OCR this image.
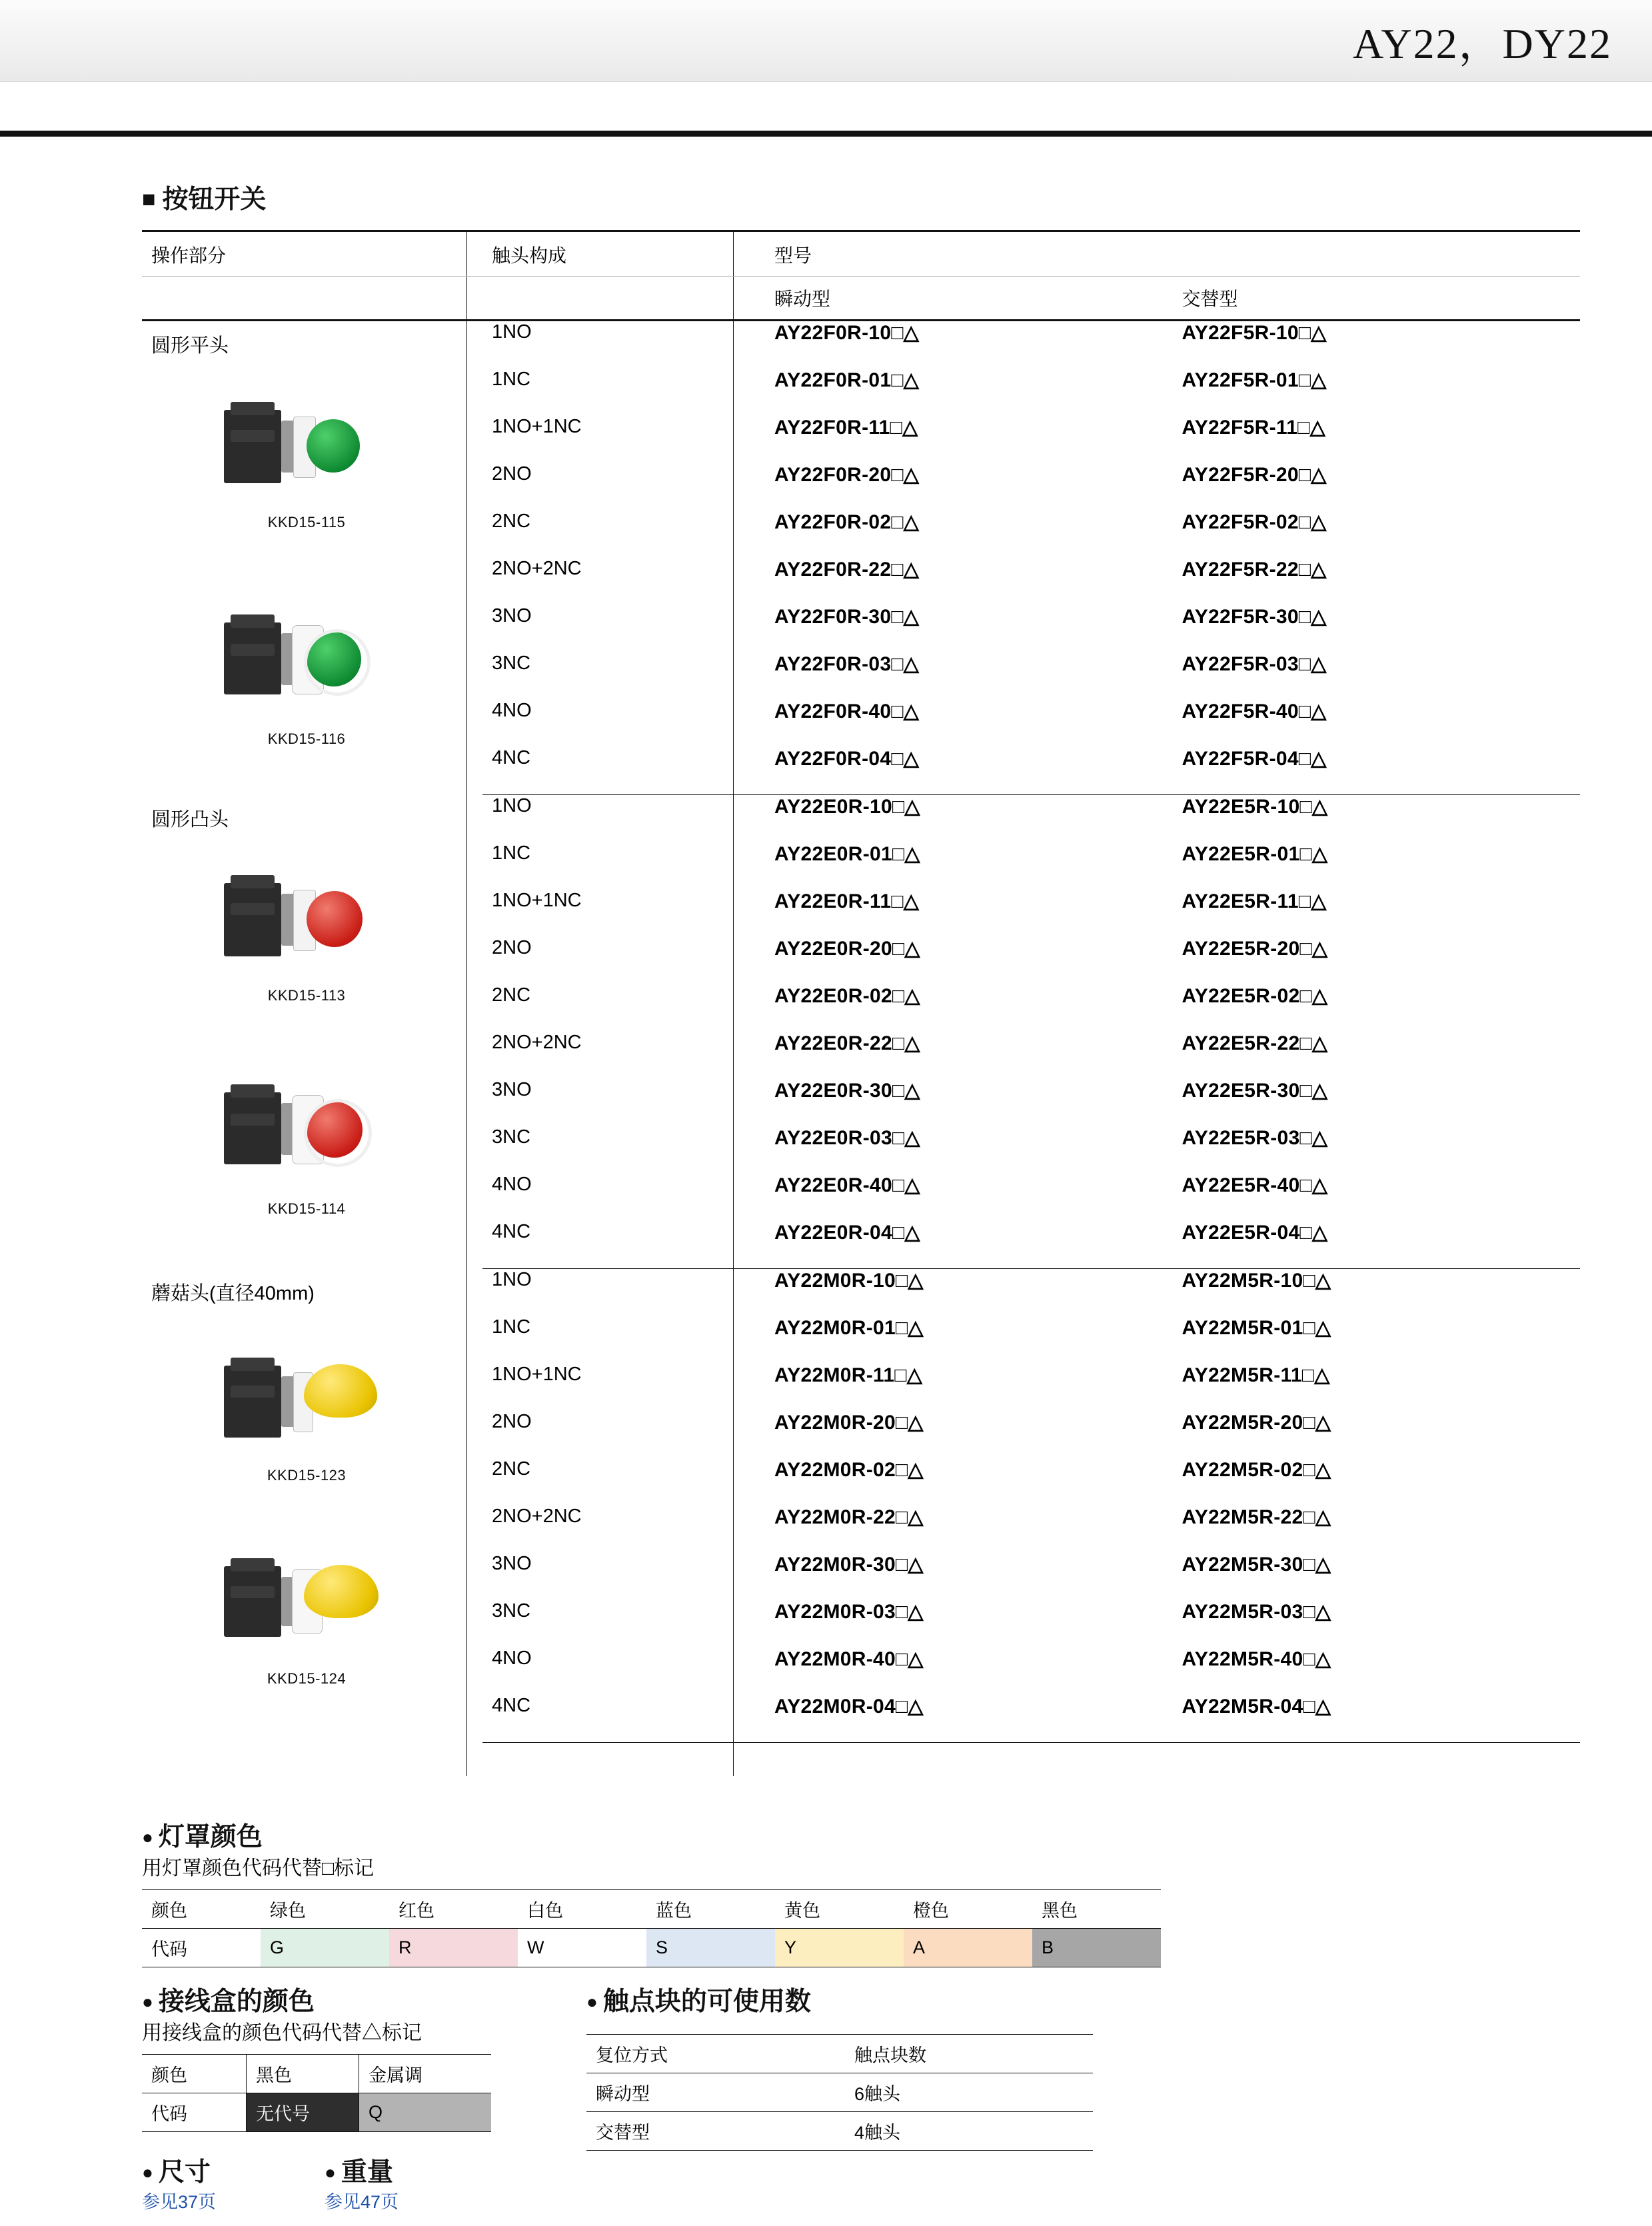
AY22，DY22
■ 按钮开关
操作部分	触头构成	型号	
		瞬动型	交替型
圆形平头	1NO	AY22F0R-10□△	AY22F5R-10□△
	1NC	AY22F0R-01□△	AY22F5R-01□△
	1NO+1NC	AY22F0R-11□△	AY22F5R-11□△
	2NO	AY22F0R-20□△	AY22F5R-20□△
	2NC	AY22F0R-02□△	AY22F5R-02□△
	2NO+2NC	AY22F0R-22□△	AY22F5R-22□△
	3NO	AY22F0R-30□△	AY22F5R-30□△
	3NC	AY22F0R-03□△	AY22F5R-03□△
	4NO	AY22F0R-40□△	AY22F5R-40□△
	4NC	AY22F0R-04□△	AY22F5R-04□△
圆形凸头	1NO	AY22E0R-10□△	AY22E5R-10□△
	1NC	AY22E0R-01□△	AY22E5R-01□△
	1NO+1NC	AY22E0R-11□△	AY22E5R-11□△
	2NO	AY22E0R-20□△	AY22E5R-20□△
	2NC	AY22E0R-02□△	AY22E5R-02□△
	2NO+2NC	AY22E0R-22□△	AY22E5R-22□△
	3NO	AY22E0R-30□△	AY22E5R-30□△
	3NC	AY22E0R-03□△	AY22E5R-03□△
	4NO	AY22E0R-40□△	AY22E5R-40□△
	4NC	AY22E0R-04□△	AY22E5R-04□△
蘑菇头(直径40mm)	1NO	AY22M0R-10□△	AY22M5R-10□△
	1NC	AY22M0R-01□△	AY22M5R-01□△
	1NO+1NC	AY22M0R-11□△	AY22M5R-11□△
	2NO	AY22M0R-20□△	AY22M5R-20□△
	2NC	AY22M0R-02□△	AY22M5R-02□△
	2NO+2NC	AY22M0R-22□△	AY22M5R-22□△
	3NO	AY22M0R-30□△	AY22M5R-30□△
	3NC	AY22M0R-03□△	AY22M5R-03□△
	4NO	AY22M0R-40□△	AY22M5R-40□△
	4NC	AY22M0R-04□△	AY22M5R-04□△
KKD15-115
KKD15-116
KKD15-113
KKD15-114
KKD15-123
KKD15-124
● 灯罩颜色
用灯罩颜色代码代替□标记
颜色	绿色	红色	白色	蓝色	黄色	橙色	黑色
代码	G	R	W	S	Y	A	B
● 接线盒的颜色
用接线盒的颜色代码代替△标记
颜色	黑色	金属调
代码	无代号	Q
● 触点块的可使用数
复位方式	触点块数
瞬动型	6触头
交替型	4触头
● 尺寸
参见37页
● 重量
参见47页
